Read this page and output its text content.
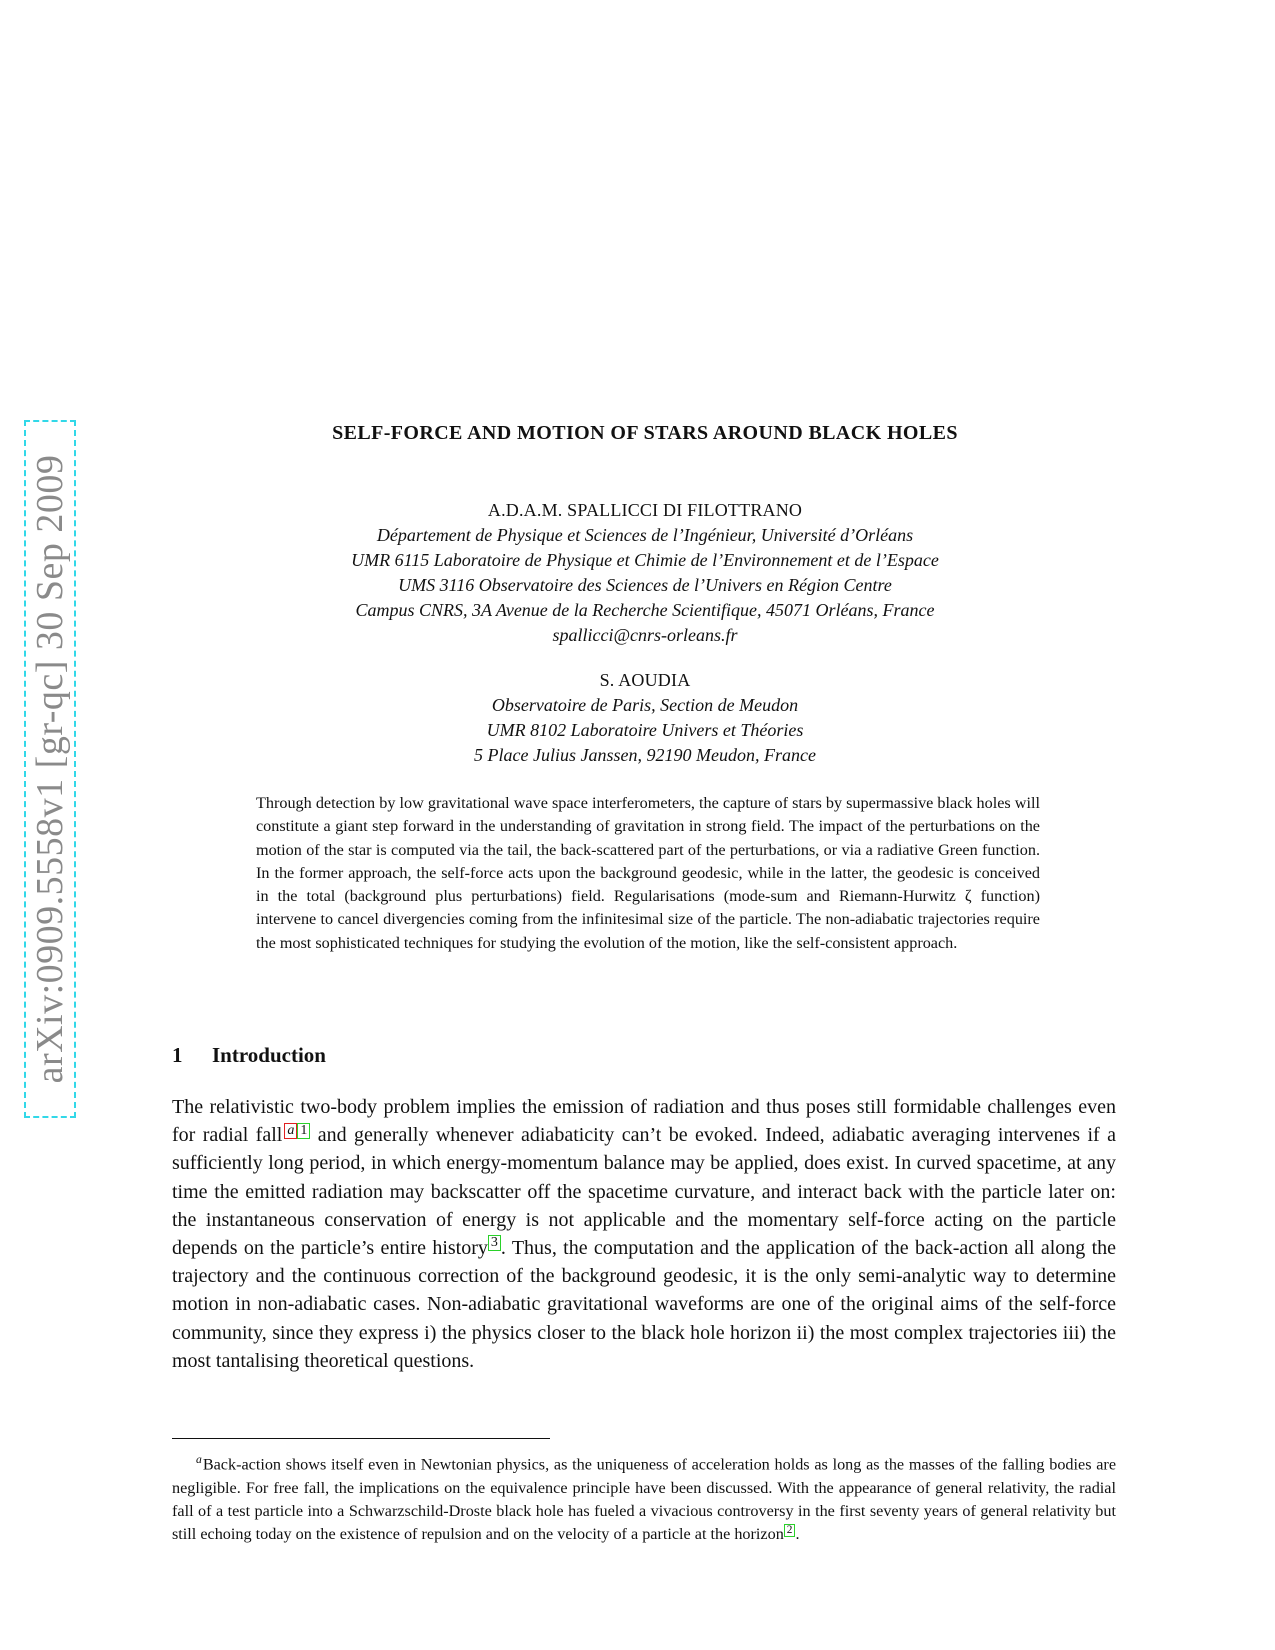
arXiv:0909.5558v1 [gr-qc] 30 Sep 2009
SELF-FORCE AND MOTION OF STARS AROUND BLACK HOLES
A.D.A.M. SPALLICCI DI FILOTTRANO
Département de Physique et Sciences de l’Ingénieur, Université d’Orléans
UMR 6115 Laboratoire de Physique et Chimie de l’Environnement et de l’Espace
UMS 3116 Observatoire des Sciences de l’Univers en Région Centre
Campus CNRS, 3A Avenue de la Recherche Scientifique, 45071 Orléans, France
spallicci@cnrs-orleans.fr
S. AOUDIA
Observatoire de Paris, Section de Meudon
UMR 8102 Laboratoire Univers et Théories
5 Place Julius Janssen, 92190 Meudon, France
Through detection by low gravitational wave space interferometers, the capture of stars by supermassive black holes will constitute a giant step forward in the understanding of gravitation in strong field. The impact of the perturbations on the motion of the star is computed via the tail, the back-scattered part of the perturbations, or via a radiative Green function. In the former approach, the self-force acts upon the background geodesic, while in the latter, the geodesic is conceived in the total (background plus perturbations) field. Regularisations (mode-sum and Riemann-Hurwitz ζ function) intervene to cancel divergencies coming from the infinitesimal size of the particle. The non-adiabatic trajectories require the most sophisticated techniques for studying the evolution of the motion, like the self-consistent approach.
1 Introduction
The relativistic two-body problem implies the emission of radiation and thus poses still formidable challenges even for radial fall a 1 and generally whenever adiabaticity can’t be evoked. Indeed, adiabatic averaging intervenes if a sufficiently long period, in which energy-momentum balance may be applied, does exist. In curved spacetime, at any time the emitted radiation may backscatter off the spacetime curvature, and interact back with the particle later on: the instantaneous conservation of energy is not applicable and the momentary self-force acting on the particle depends on the particle’s entire history 3 . Thus, the computation and the application of the back-action all along the trajectory and the continuous correction of the background geodesic, it is the only semi-analytic way to determine motion in non-adiabatic cases. Non-adiabatic gravitational waveforms are one of the original aims of the self-force community, since they express i) the physics closer to the black hole horizon ii) the most complex trajectories iii) the most tantalising theoretical questions.
$^a$Back-action shows itself even in Newtonian physics, as the uniqueness of acceleration holds as long as the masses of the falling bodies are negligible. For free fall, the implications on the equivalence principle have been discussed. With the appearance of general relativity, the radial fall of a test particle into a Schwarzschild-Droste black hole has fueled a vivacious controversy in the first seventy years of general relativity but still echoing today on the existence of repulsion and on the velocity of a particle at the horizon 2 .
